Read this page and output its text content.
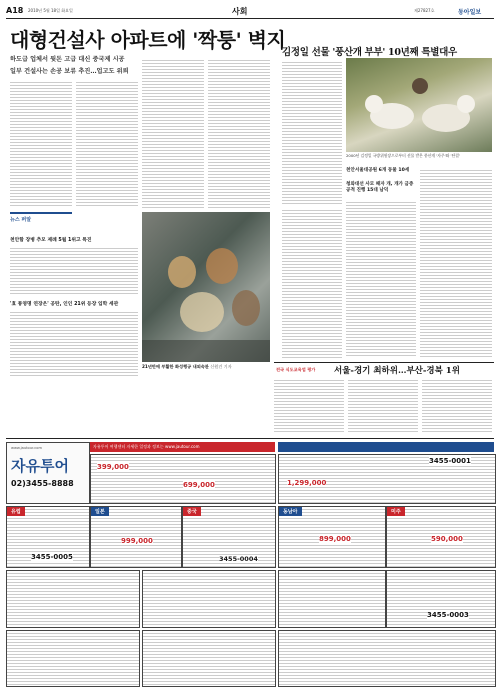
A18 2010년 5월 18일 화요일	사회	제27827호	동아일보
대형건설사 아파트에 '짝퉁' 벽지
하도급 업체서 뒷돈 고급 대신 중국제 시공
일부 건설사는 손공 보류 추진…업고도 위뢰
뉴스 퍼알
천안함 장병 추모 제례 5월 1위고 특진
'효 통영명 연장은' 공탄, 인인 21위 등장 입학 세관
21년만에 부활한 화성행궁 내외숙관 신원건 기자
김정일 선물 '풍산개 부부' 10년째 특별대우
2000년 김정일 국방위원장으로부터 선물 받은 풍산개 '자주'와 '단결'
천안서울대공원 6개 동물 10세
청와대선 사모 패자 개, 개가 금증 공적 진행 15대 남덕
전국 식도교육업 평가 서울-경기 최하위…부산-경북 1위
www.jautour.com
자유투어
02)3455-8888
자유투어 여행센터 자세한 일정과 정보는 www.jautour.com
399,000
699,000
3455-0001
1,299,000
유럽
3455-0005
일본
999,000
중국
3455-0004
동남아
899,000
미주
590,000
3455-0003
